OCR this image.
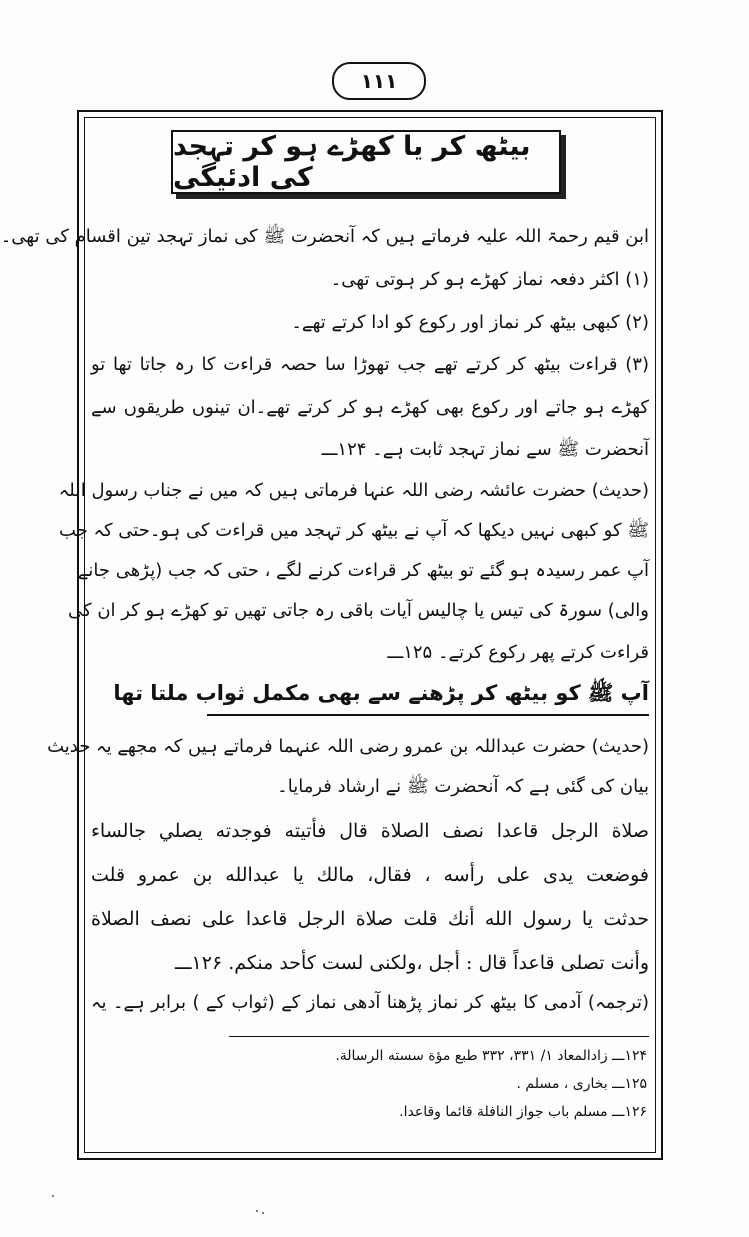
۱۱۱
بیٹھ کر یا کھڑے ہو کر تہجد کی ادئیگی
ابن قیم رحمۃ اللہ علیہ فرماتے ہیں کہ آنحضرت ﷺ کی نماز تہجد تین اقسام کی تھی۔
(۱) اکثر دفعہ نماز کھڑے ہو کر ہوتی تھی۔
(۲) کبھی بیٹھ کر نماز اور رکوع کو ادا کرتے تھے۔
(۳) قراءت بیٹھ کر کرتے تھے جب تھوڑا سا حصہ قراءت کا رہ جاتا تھا تو
کھڑے ہو جاتے اور رکوع بھی کھڑے ہو کر کرتے تھے۔ان تینوں طریقوں سے
آنحضرت ﷺ سے نماز تہجد ثابت ہے۔ ۱۲۴ـــ
(حدیث) حضرت عائشہ رضی اللہ عنہا فرماتی ہیں کہ میں نے جناب رسول اللہ
ﷺ کو کبھی نہیں دیکھا کہ آپ نے بیٹھ کر تہجد میں قراءت کی ہو۔حتی کہ جب
آپ عمر رسیدہ ہو گئے تو بیٹھ کر قراءت کرنے لگے ، حتی کہ جب (پڑھی جانے
والی) سورۃ کی تیس یا چالیس آیات باقی رہ جاتی تھیں تو کھڑے ہو کر ان کی
قراءت کرتے پھر رکوع کرتے۔ ۱۲۵ـــ
آپ ﷺ کو بیٹھ کر پڑھنے سے بھی مکمل ثواب ملتا تھا
(حدیث) حضرت عبداللہ بن عمرو رضی اللہ عنہما فرماتے ہیں کہ مجھے یہ حدیث
بیان کی گئی ہے کہ آنحضرت ﷺ نے ارشاد فرمایا۔
صلاة الرجل قاعدا نصف الصلاة قال فأتيته فوجدته يصلي جالساء
فوضعت يدى على رأسه ، فقال، مالك يا عبدالله بن عمرو قلت
حدثت يا رسول الله أنك قلت صلاة الرجل قاعدا على نصف الصلاة
وأنت تصلى قاعداً قال : أجل ،ولكنى لست كأحد منكم. ۱۲۶ـــ
(ترجمہ) آدمی کا بیٹھ کر نماز پڑھنا آدھی نماز کے (ثواب کے ) برابر ہے۔ یہ
۱۲۴ـــ زادالمعاد ۱/ ۳۳۱، ۳۳۲ طبع مؤة سسته الرسالة.
۱۲۵ـــ بخاری ، مسلم .
۱۲۶ـــ مسلم باب جواز النافلة قائما وقاعدا.
